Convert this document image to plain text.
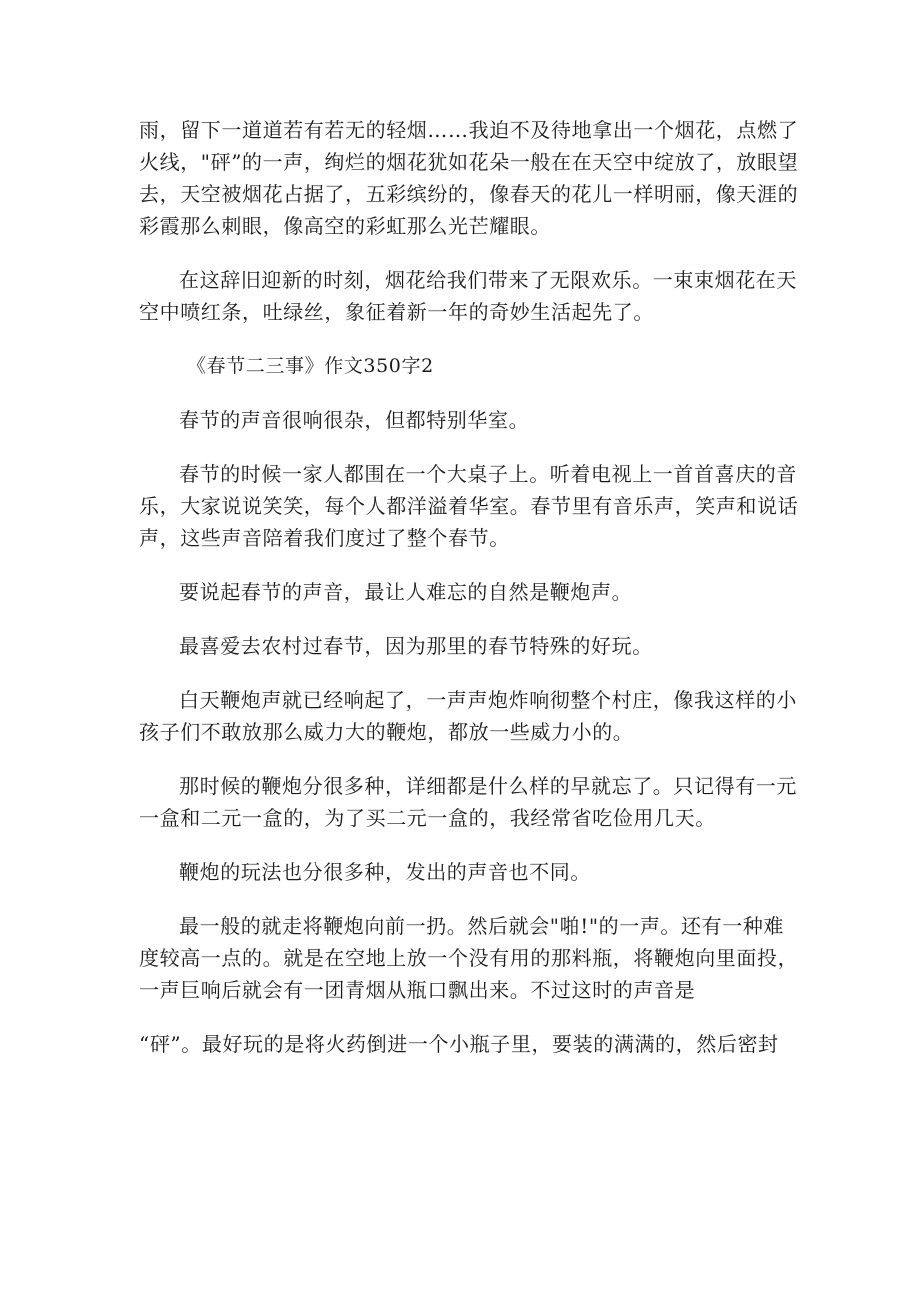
雨，留下一道道若有若无的轻烟……我迫不及待地拿出一个烟花，点燃了
火线，"砰”的一声，绚烂的烟花犹如花朵一般在在天空中绽放了，放眼望
去，天空被烟花占据了，五彩缤纷的，像春天的花儿一样明丽，像天涯的
彩霞那么刺眼，像高空的彩虹那么光芒耀眼。
在这辞旧迎新的时刻，烟花给我们带来了无限欢乐。一束束烟花在天
空中喷红条，吐绿丝，象征着新一年的奇妙生活起先了。
《春节二三事》作文350字2
春节的声音很响很杂，但都特别华室。
春节的时候一家人都围在一个大桌子上。听着电视上一首首喜庆的音
乐，大家说说笑笑，每个人都洋溢着华室。春节里有音乐声，笑声和说话
声，这些声音陪着我们度过了整个春节。
要说起春节的声音，最让人难忘的自然是鞭炮声。
最喜爱去农村过春节，因为那里的春节特殊的好玩。
白天鞭炮声就已经响起了，一声声炮炸响彻整个村庄，像我这样的小
孩子们不敢放那么威力大的鞭炮，都放一些威力小的。
那时候的鞭炮分很多种，详细都是什么样的早就忘了。只记得有一元
一盒和二元一盒的，为了买二元一盒的，我经常省吃俭用几天。
鞭炮的玩法也分很多种，发出的声音也不同。
最一般的就走将鞭炮向前一扔。然后就会"啪!"的一声。还有一种难
度较高一点的。就是在空地上放一个没有用的那料瓶，将鞭炮向里面投，
一声巨响后就会有一团青烟从瓶口飘出来。不过这时的声音是
“砰”。最好玩的是将火药倒进一个小瓶子里，要装的满满的，然后密封
